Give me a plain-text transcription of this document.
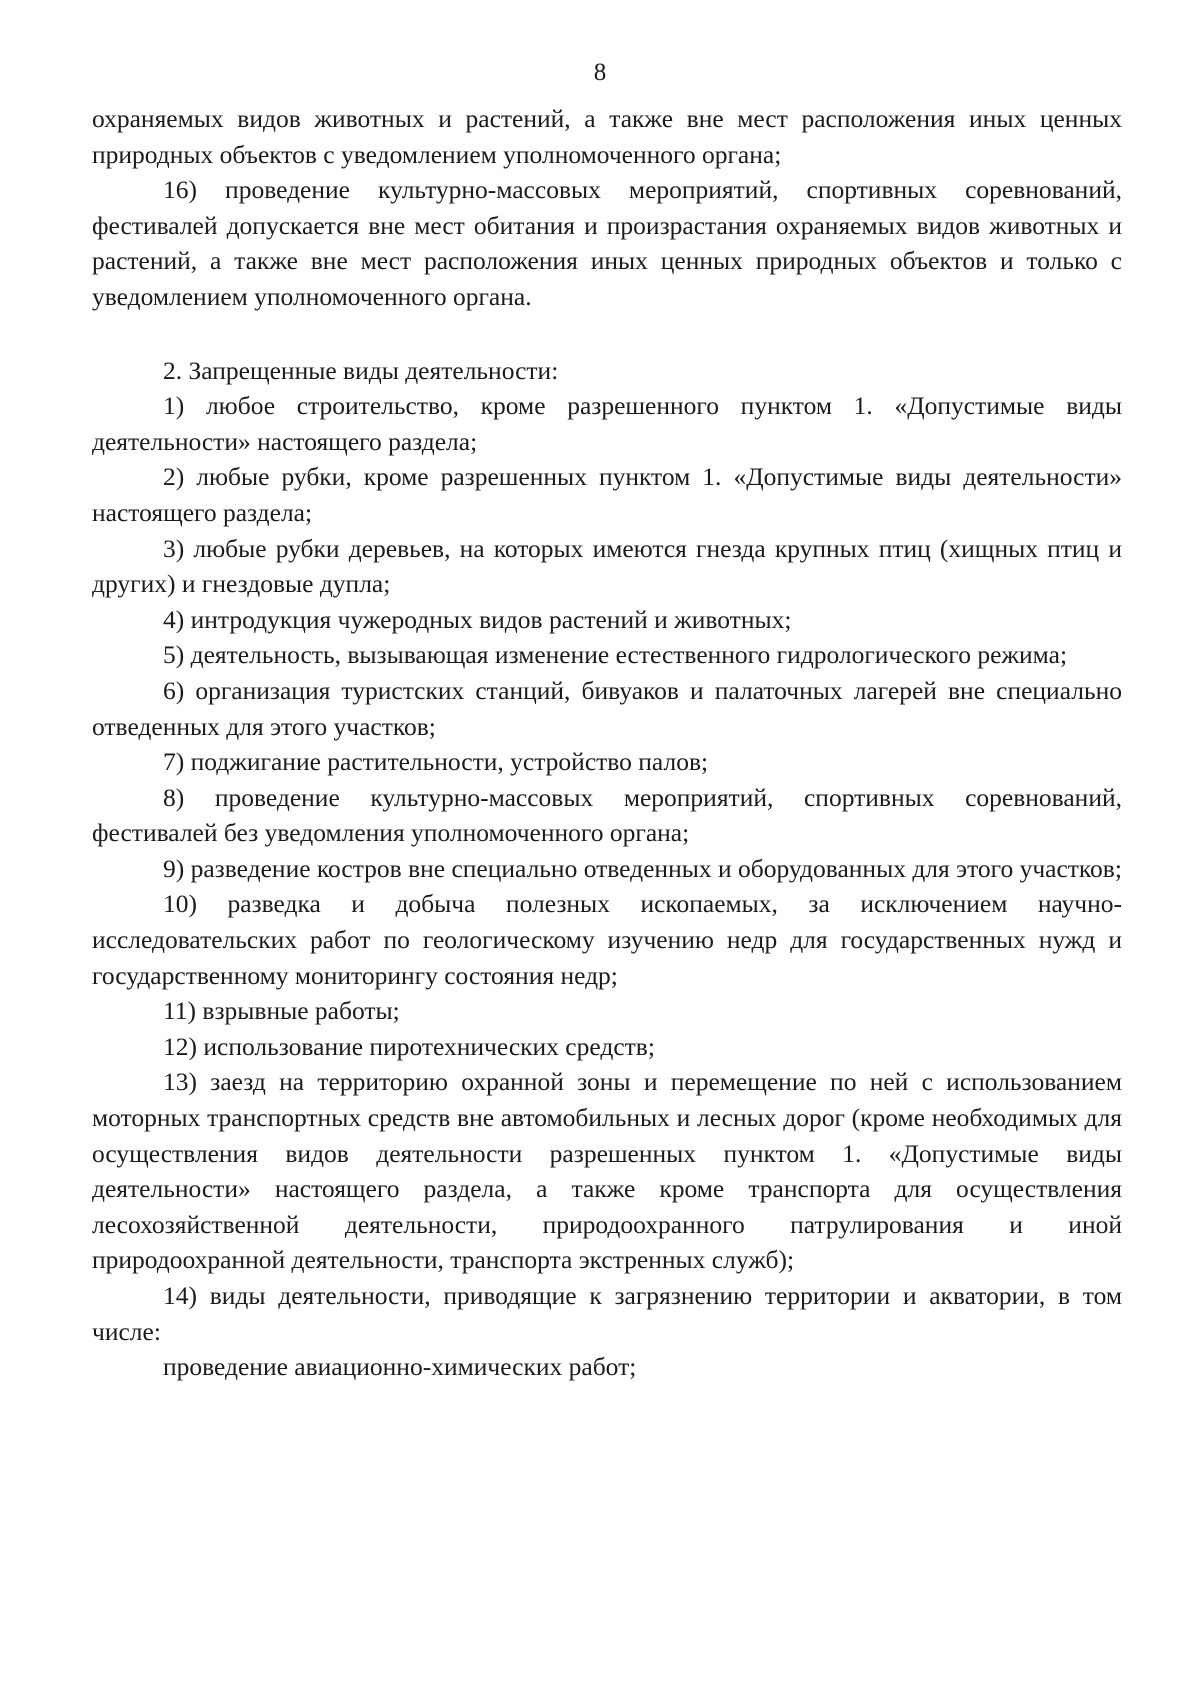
8

охраняемых видов животных и растений, а также вне мест расположения иных ценных природных объектов с уведомлением уполномоченного органа;

16) проведение культурно-массовых мероприятий, спортивных соревнований, фестивалей допускается вне мест обитания и произрастания охраняемых видов животных и растений, а также вне мест расположения иных ценных природных объектов и только с уведомлением уполномоченного органа.

2. Запрещенные виды деятельности:

1) любое строительство, кроме разрешенного пунктом 1. «Допустимые виды деятельности» настоящего раздела;

2) любые рубки, кроме разрешенных пунктом 1. «Допустимые виды деятельности» настоящего раздела;

3) любые рубки деревьев, на которых имеются гнезда крупных птиц (хищных птиц и других) и гнездовые дупла;

4) интродукция чужеродных видов растений и животных;

5) деятельность, вызывающая изменение естественного гидрологического режима;

6) организация туристских станций, бивуаков и палаточных лагерей вне специально отведенных для этого участков;

7) поджигание растительности, устройство палов;

8) проведение культурно-массовых мероприятий, спортивных соревнований, фестивалей без уведомления уполномоченного органа;

9) разведение костров вне специально отведенных и оборудованных для этого участков;

10) разведка и добыча полезных ископаемых, за исключением научно-исследовательских работ по геологическому изучению недр для государственных нужд и государственному мониторингу состояния недр;

11) взрывные работы;

12) использование пиротехнических средств;

13) заезд на территорию охранной зоны и перемещение по ней с использованием моторных транспортных средств вне автомобильных и лесных дорог (кроме необходимых для осуществления видов деятельности разрешенных пунктом 1. «Допустимые виды деятельности» настоящего раздела, а также кроме транспорта для осуществления лесохозяйственной деятельности, природоохранного патрулирования и иной природоохранной деятельности, транспорта экстренных служб);

14) виды деятельности, приводящие к загрязнению территории и акватории, в том числе:

проведение авиационно-химических работ;
